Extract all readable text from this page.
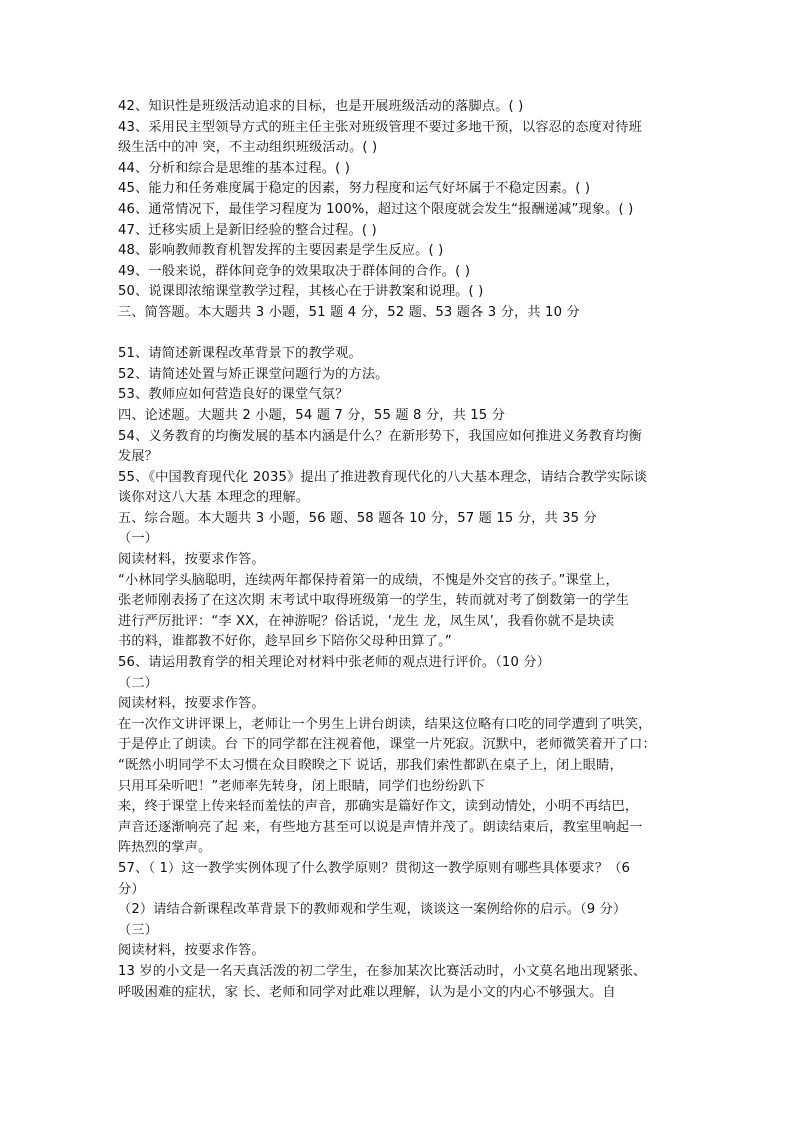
42、知识性是班级活动追求的目标，也是开展班级活动的落脚点。( )
43、采用民主型领导方式的班主任主张对班级管理不要过多地干预，以容忍的态度对待班
级生活中的冲 突，不主动组织班级活动。( )
44、分析和综合是思维的基本过程。( )
45、能力和任务难度属于稳定的因素，努力程度和运气好坏属于不稳定因素。( )
46、通常情况下，最佳学习程度为 100%，超过这个限度就会发生“报酬递减”现象。( )
47、迁移实质上是新旧经验的整合过程。( )
48、影响教师教育机智发挥的主要因素是学生反应。( )
49、一般来说，群体间竞争的效果取决于群体间的合作。( )
50、说课即浓缩课堂教学过程，其核心在于讲教案和说理。( )
三、简答题。本大题共 3 小题，51 题 4 分，52 题、53 题各 3 分，共 10 分
51、请简述新课程改革背景下的教学观。
52、请简述处置与矫正课堂问题行为的方法。
53、教师应如何营造良好的课堂气氛？
四、论述题。大题共 2 小题，54 题 7 分，55 题 8 分，共 15 分
54、义务教育的均衡发展的基本内涵是什么？在新形势下，我国应如何推进义务教育均衡
发展？
55、《中国教育现代化 2035》提出了推进教育现代化的八大基本理念，请结合教学实际谈
谈你对这八大基 本理念的理解。
五、综合题。本大题共 3 小题，56 题、58 题各 10 分，57 题 15 分，共 35 分
（一）
阅读材料，按要求作答。
“小林同学头脑聪明，连续两年都保持着第一的成绩，不愧是外交官的孩子。”课堂上，
张老师刚表扬了在这次期 末考试中取得班级第一的学生，转而就对考了倒数第一的学生
进行严厉批评：“李 XX，在神游呢？俗话说，‘龙生 龙，凤生凤’，我看你就不是块读
书的料，谁都教不好你，趁早回乡下陪你父母种田算了。”
56、请运用教育学的相关理论对材料中张老师的观点进行评价。（10 分）
（二）
阅读材料，按要求作答。
在一次作文讲评课上，老师让一个男生上讲台朗读，结果这位略有口吃的同学遭到了哄笑，
于是停止了朗读。台 下的同学都在注视着他，课堂一片死寂。沉默中，老师微笑着开了口：
“既然小明同学不太习惯在众目睽睽之下 说话，那我们索性都趴在桌子上，闭上眼睛，
只用耳朵听吧！”老师率先转身，闭上眼睛，同学们也纷纷趴下
来，终于课堂上传来轻而羞怯的声音，那确实是篇好作文，读到动情处，小明不再结巴，
声音还逐渐响亮了起 来，有些地方甚至可以说是声情并茂了。朗读结束后，教室里响起一
阵热烈的掌声。
57、（ 1）这一教学实例体现了什么教学原则？贯彻这一教学原则有哪些具体要求？（6
分）
（2）请结合新课程改革背景下的教师观和学生观，谈谈这一案例给你的启示。（9 分）
（三）
阅读材料，按要求作答。
13 岁的小文是一名天真活泼的初二学生，在参加某次比赛活动时，小文莫名地出现紧张、
呼吸困难的症状，家 长、老师和同学对此难以理解，认为是小文的内心不够强大。自
